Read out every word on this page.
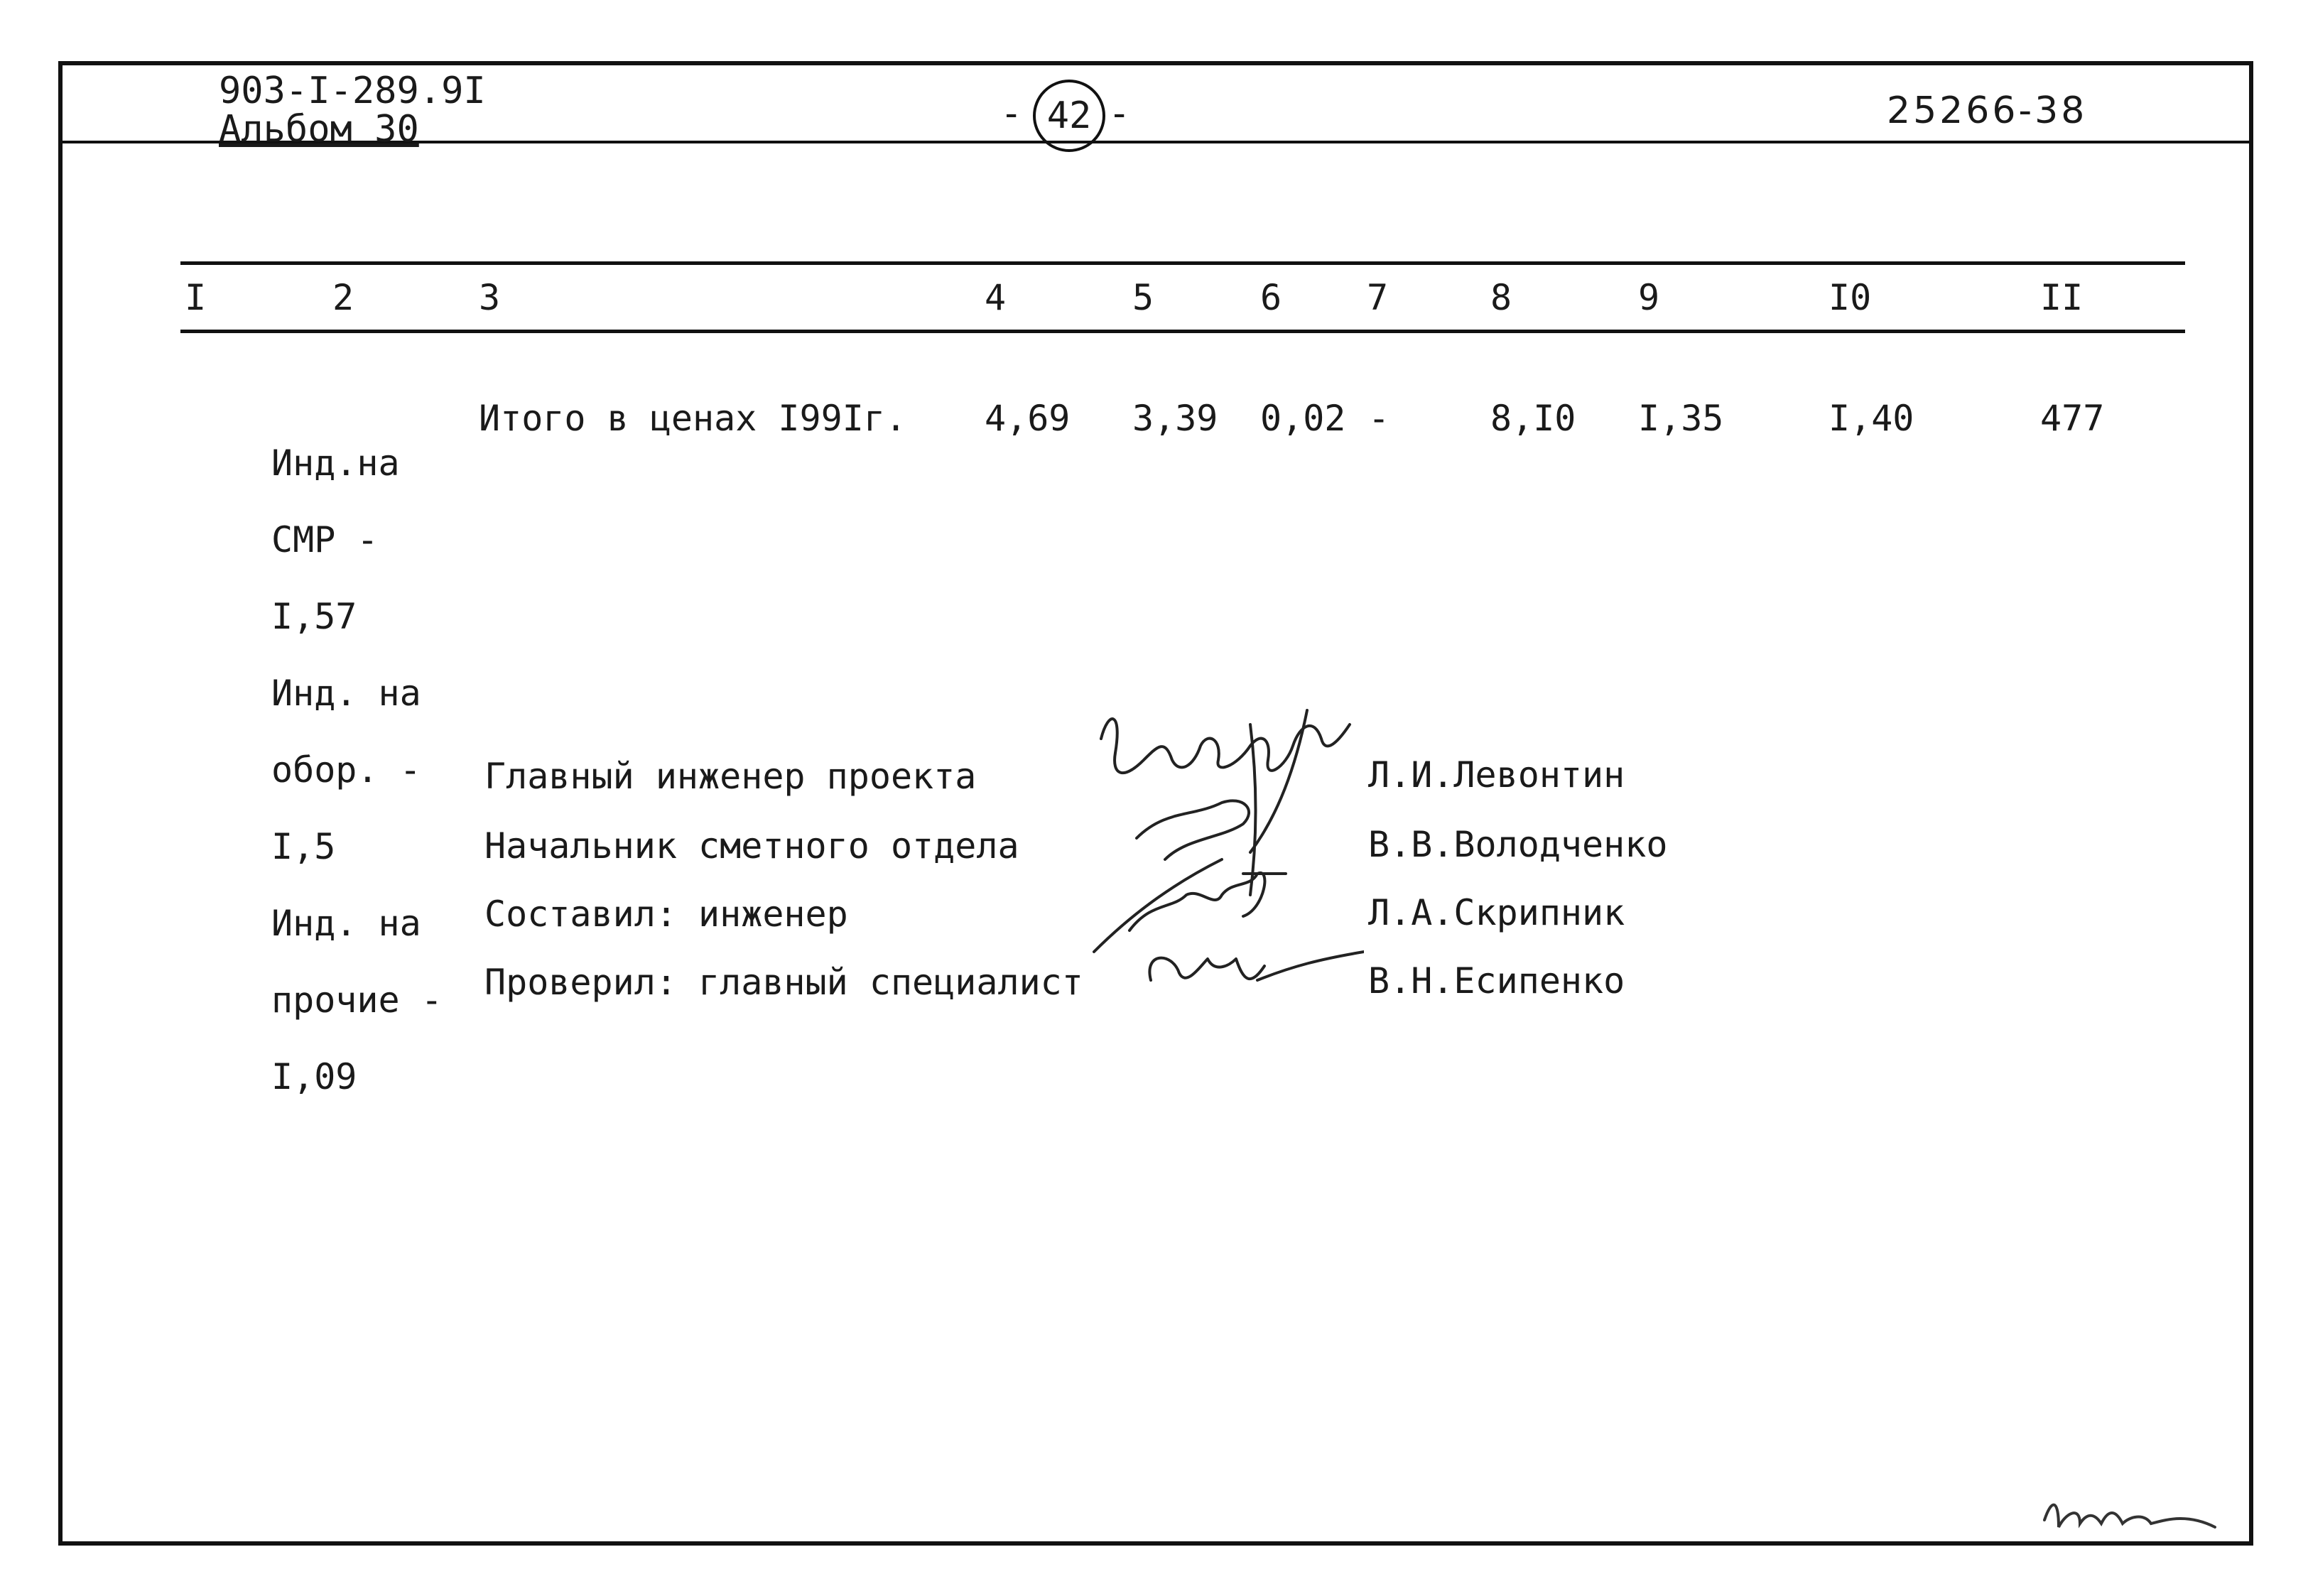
903-I-289.9I
Альбом 30	- 42 -	25266-38
I	2	3	4	5	6 7	8	9	I0	II

Инд.на

СМР -

I,57

Инд. на

обор. -

I,5

Инд. на

прочие -

I,09

Итого в ценах I99Iг. 4,69 3,39 0,02 -	8,I0 I,35	I,40	477
Главный инженер проекта	Л.И.Левонтин
Начальник сметного отдела	В.В.Володченко
Составил: инженер	Л.А.Скрипник
Проверил: главный специалист	В.Н.Есипенко
